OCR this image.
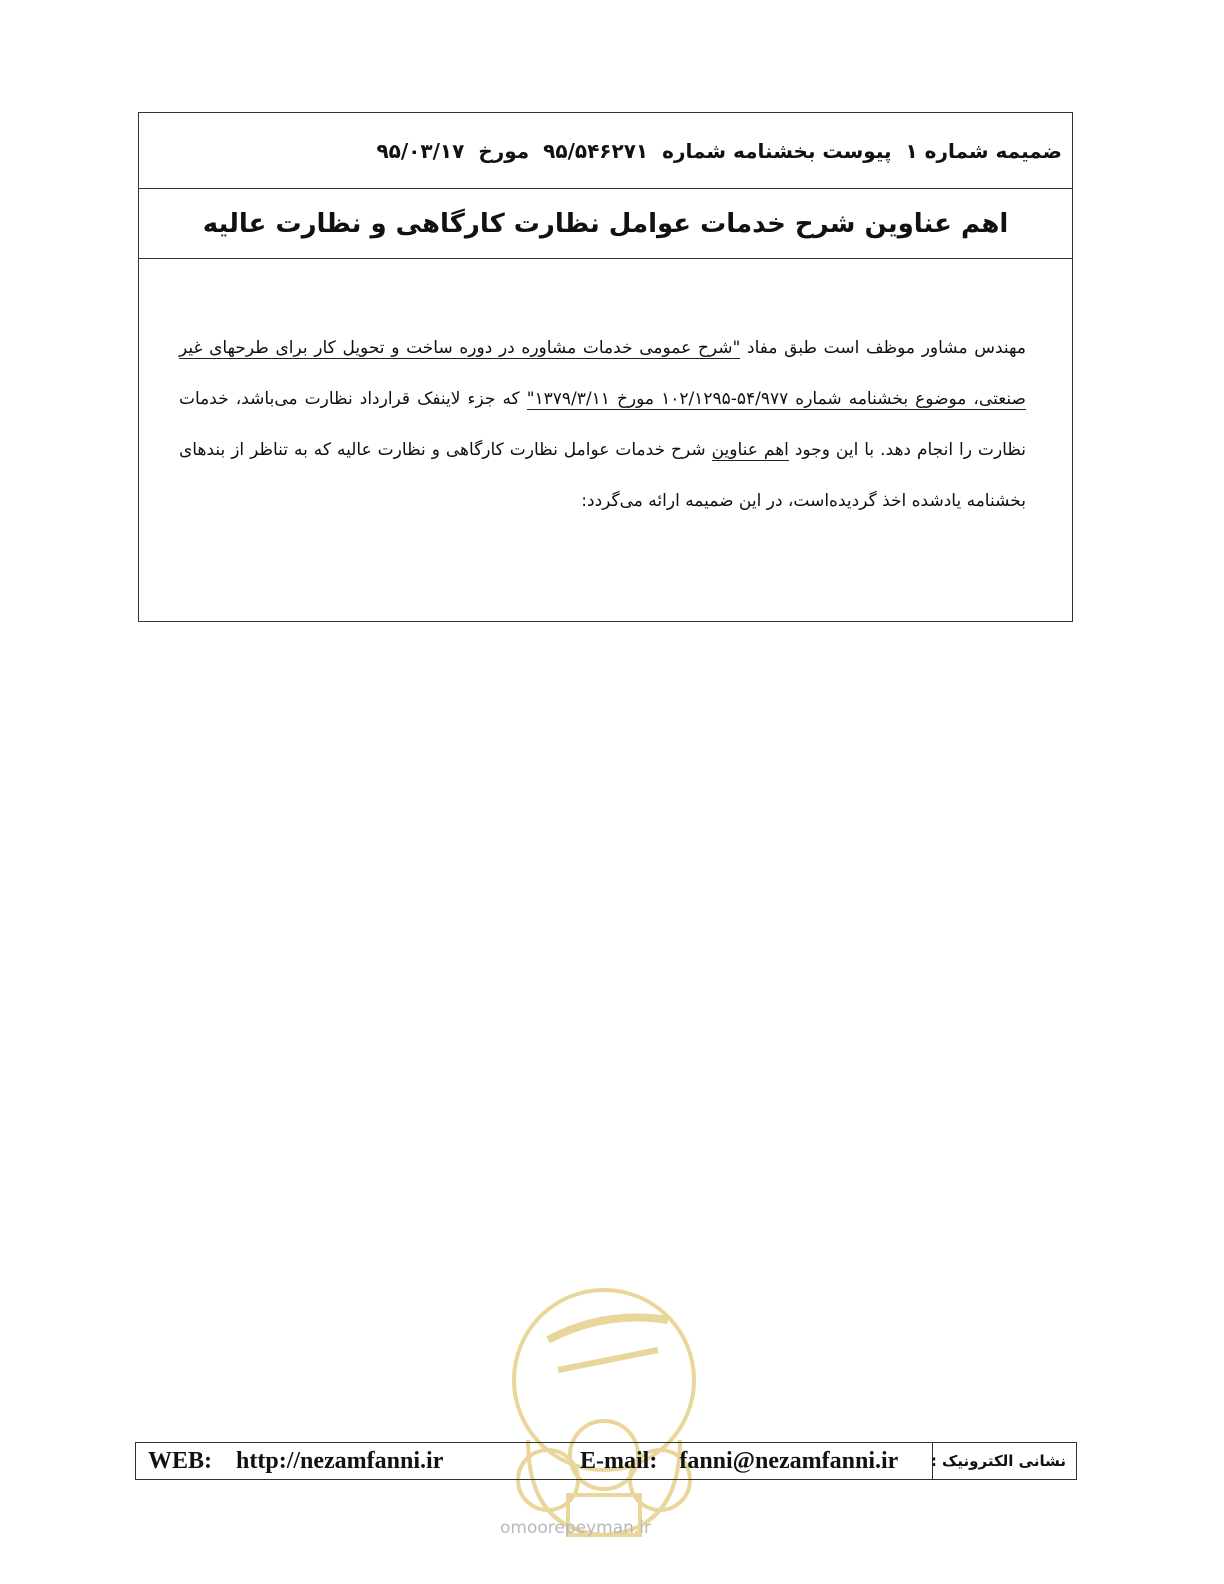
ضمیمه شماره ۱
پیوست بخشنامه شماره
۹۵/۵۴۶۲۷۱
مورخ
۹۵/۰۳/۱۷
اهم عناوین شرح خدمات عوامل نظارت کارگاهی و نظارت عالیه
مهندس مشاور موظف است طبق مفاد "شرح عمومی خدمات مشاوره در دوره ساخت و تحویل کار برای طرحهای غیر صنعتی، موضوع بخشنامه شماره ۵۴/۹۷۷-۱۰۲/۱۲۹۵ مورخ ۱۳۷۹/۳/۱۱" که جزء لاینفک قرارداد نظارت می‌باشد، خدمات نظارت را انجام دهد. با این وجود اهم عناوین شرح خدمات عوامل نظارت کارگاهی و نظارت عالیه که به تناظر از بندهای بخشنامه یادشده اخذ گردیده‌است، در این ضمیمه ارائه می‌گردد:
WEB: http://nezamfanni.ir	E-mail: fanni@nezamfanni.ir نشانی الکترونیک :
omoorepeyman.ir
